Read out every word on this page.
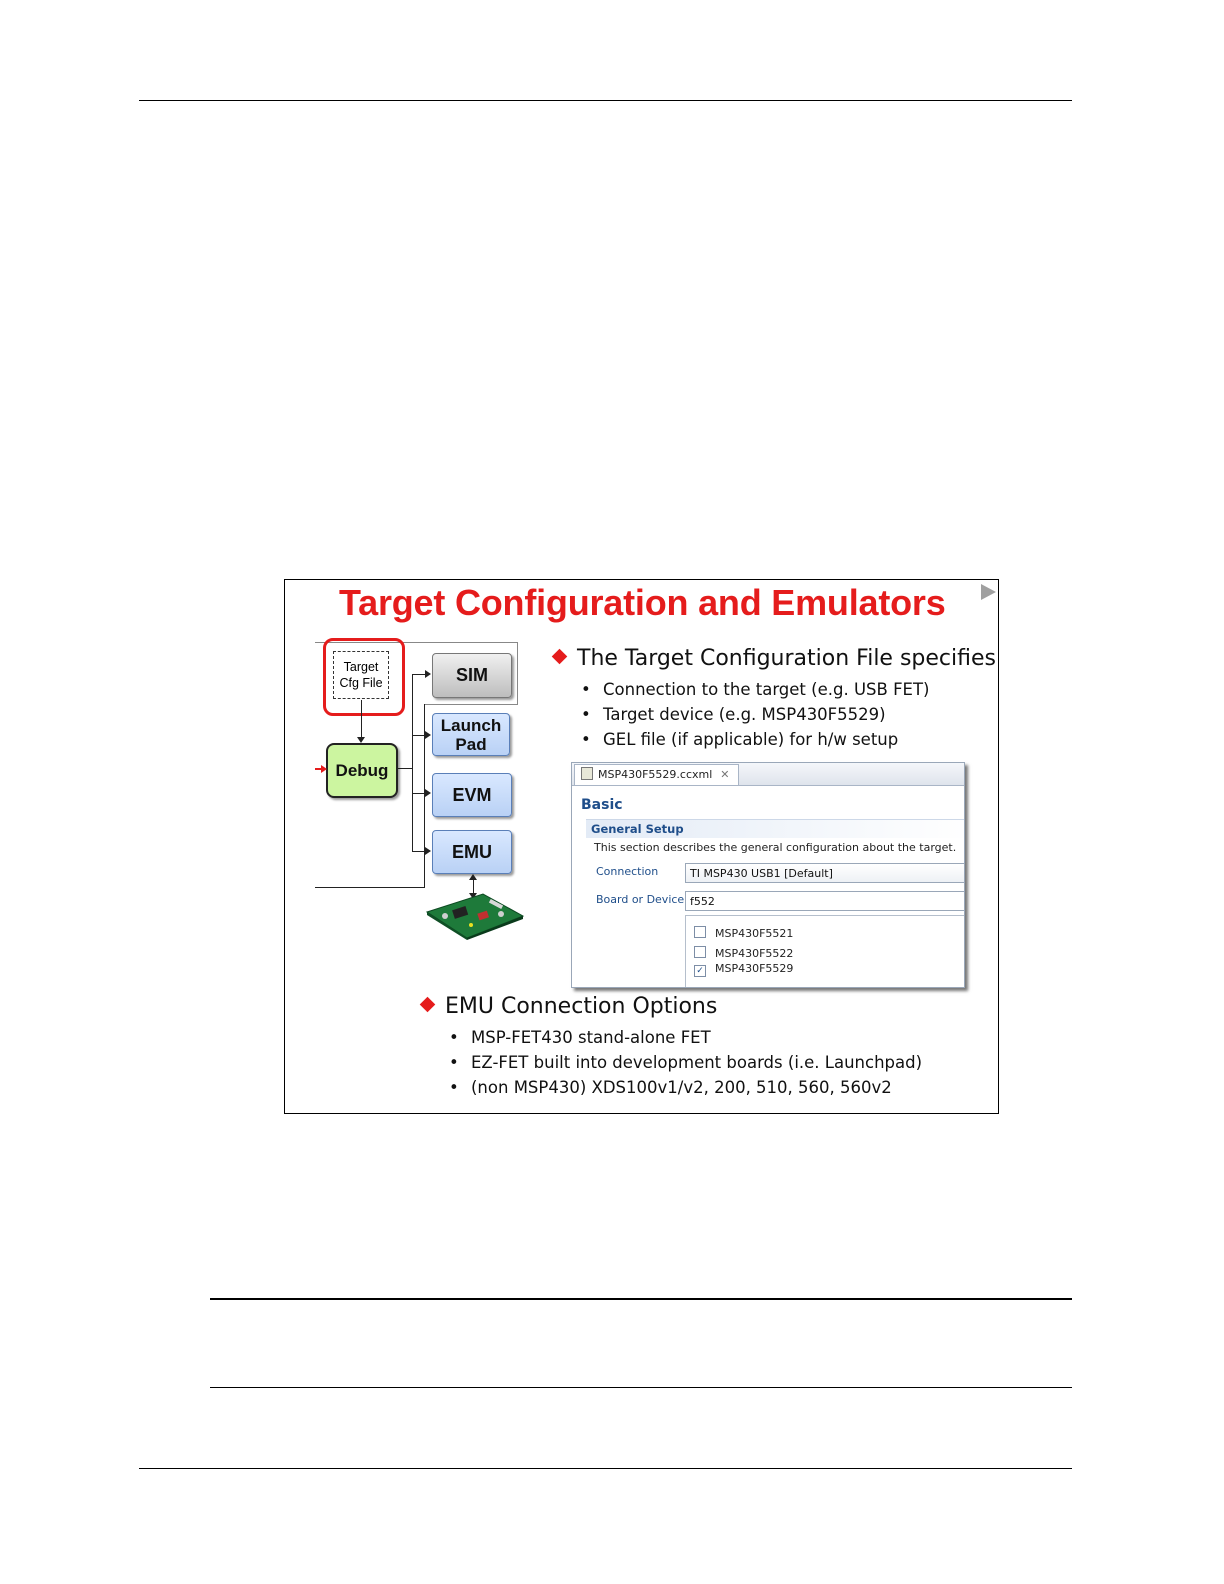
Target Configuration and Emulators
Target
Cfg File
Debug
SIM
Launch
Pad
EVM
EMU
The Target Configuration File specifies
• Connection to the target (e.g. USB FET)
• Target device (e.g. MSP430F5529)
• GEL file (if applicable) for h/w setup
MSP430F5529.ccxml ✕
Basic
General Setup
This section describes the general configuration about the target.
Connection	TI MSP430 USB1 [Default]
Board or Device f552
MSP430F5521
MSP430F5522
✓ MSP430F5529
EMU Connection Options
• MSP-FET430 stand-alone FET
• EZ-FET built into development boards (i.e. Launchpad)
• (non MSP430) XDS100v1/v2, 200, 510, 560, 560v2
